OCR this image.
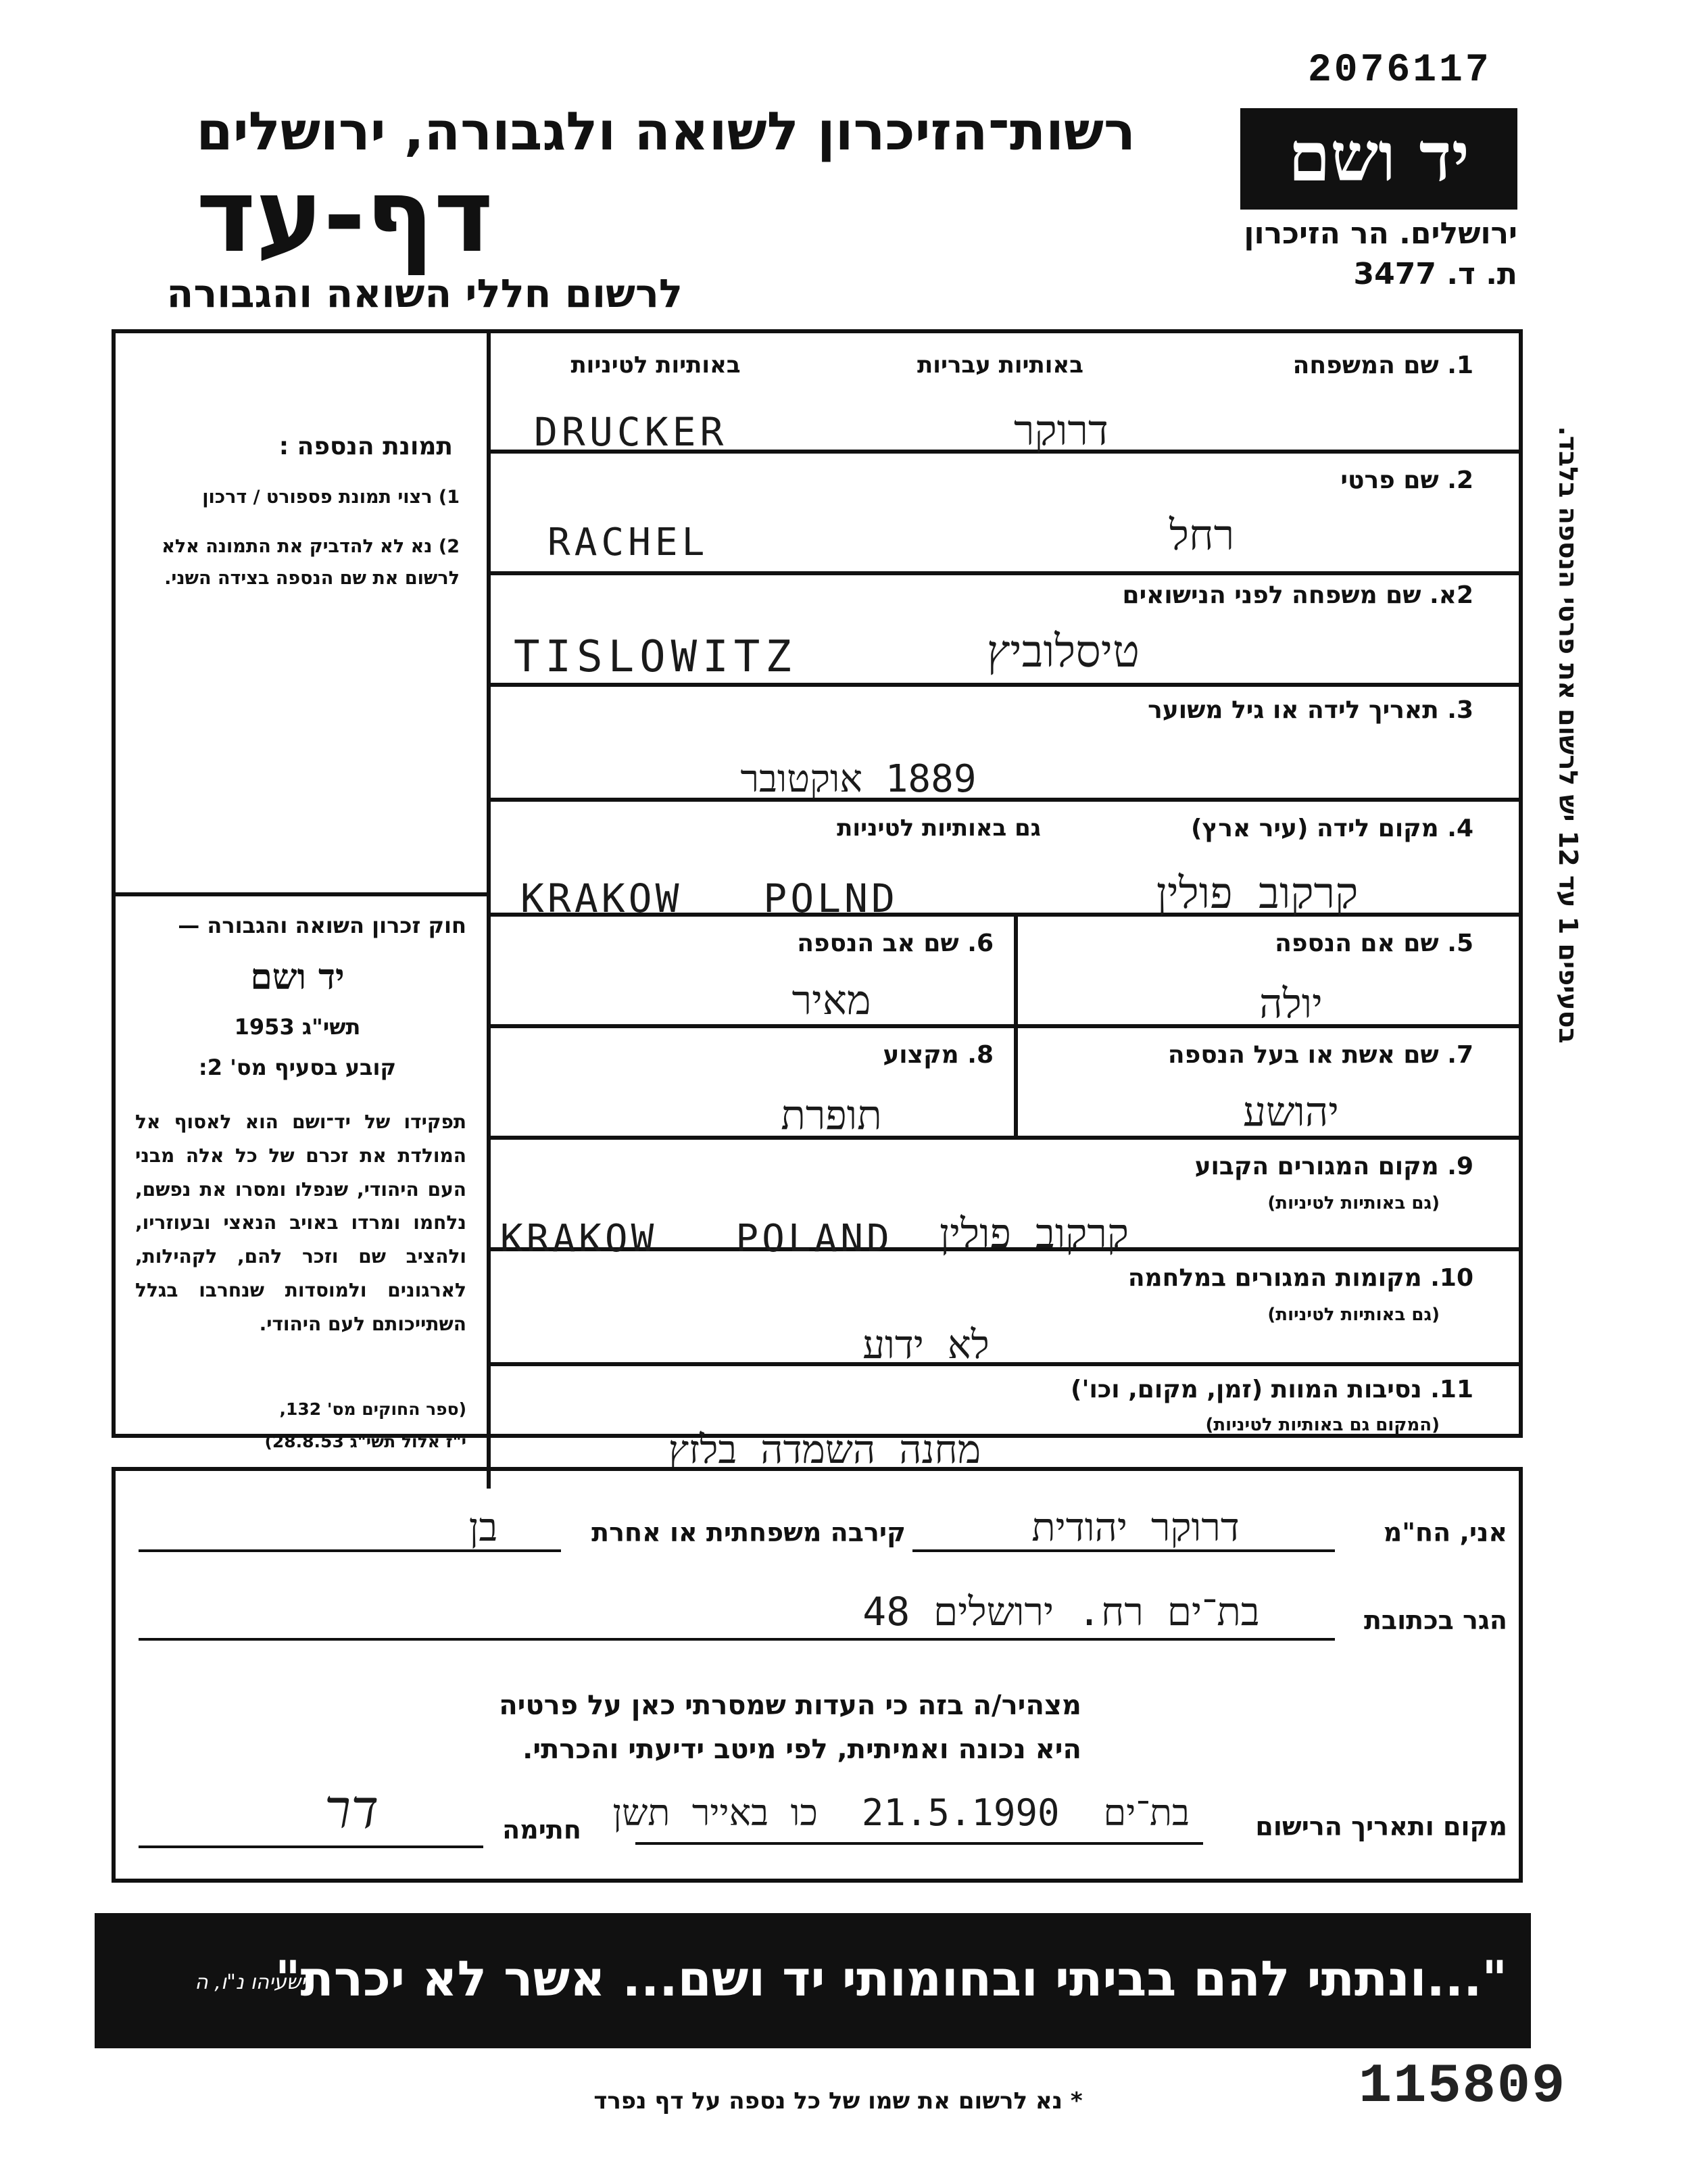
2076117
רשות־הזיכרון לשואה ולגבורה, ירושלים
דף-עד
לרשום חללי השואה והגבורה
יד ושם
ירושלים. הר הזיכרון
ת. ד. 3477
תמונת הנספה :
1) רצוי תמונת פספורט / דרכון
2) נא לא להדביק את התמונה אלא לרשום את שם הנספה בצידה השני.
חוק זכרון השואה והגבורה —
יד ושם
תשי"ג 1953
קובע בסעיף מס' 2:
תפקידו של יד־ושם הוא לאסוף אל המולדת את זכרם של כל אלה מבני העם היהודי, שנפלו ומסרו את נפשם, נלחמו ומרדו באויב הנאצי ובעוזריו, ולהציב שם וזכר להם, לקהילות, לארגונים ולמוסדות שנחרבו בגלל השתייכותם לעם היהודי.
(ספר החוקים מס' 132,
י"ז אלול תשי"ג 28.8.53)
1. שם המשפחה
באותיות עבריות
באותיות לטיניות
DRUCKER	דרוקר
2. שם פרטי
RACHEL	רחל
2א. שם משפחה לפני הנישואים
TISLOWITZ	טיסלוביץ
3. תאריך לידה או גיל משוער
1889 אוקטובר
4. מקום לידה (עיר ארץ)
גם באותיות לטיניות
KRAKOW   POLND	קרקוב פולין
5. שם אם הנספה
יולה
6. שם אב הנספה
מאיר
7. שם אשת או בעל הנספה
יהושע
8. מקצוע
תופרת
9. מקום המגורים הקבוע
(גם באותיות לטיניות)
KRAKOW   POLAND קרקוב פולין
10. מקומות המגורים במלחמה
(גם באותיות לטיניות)
לא ידוע
11. נסיבות המוות (זמן, מקום, וכו')
(המקום גם באותיות לטיניות)
מחנה השמדה בלזץ
בסעיפים 1 עד 12 יש לרשום את פרטי הנספה בלבד.
אני, הח"מ
דרוקר יהודית
קירבה משפחתית או אחרת
בן
הגר בכתובת
בת־ים רח. ירושלים 48
מצהיר/ה בזה כי העדות שמסרתי כאן על פרטיה
היא נכונה ואמיתית, לפי מיטב ידיעתי והכרתי.
מקום ותאריך הרישום
בת־ים  21.5.1990  כו באייר תשן
חתימה
דר
"...ונתתי להם בביתי ובחומותי יד ושם... אשר לא יכרת"
ישעיהו נ"ו, ה
* נא לרשום את שמו של כל נספה על דף נפרד	115809
